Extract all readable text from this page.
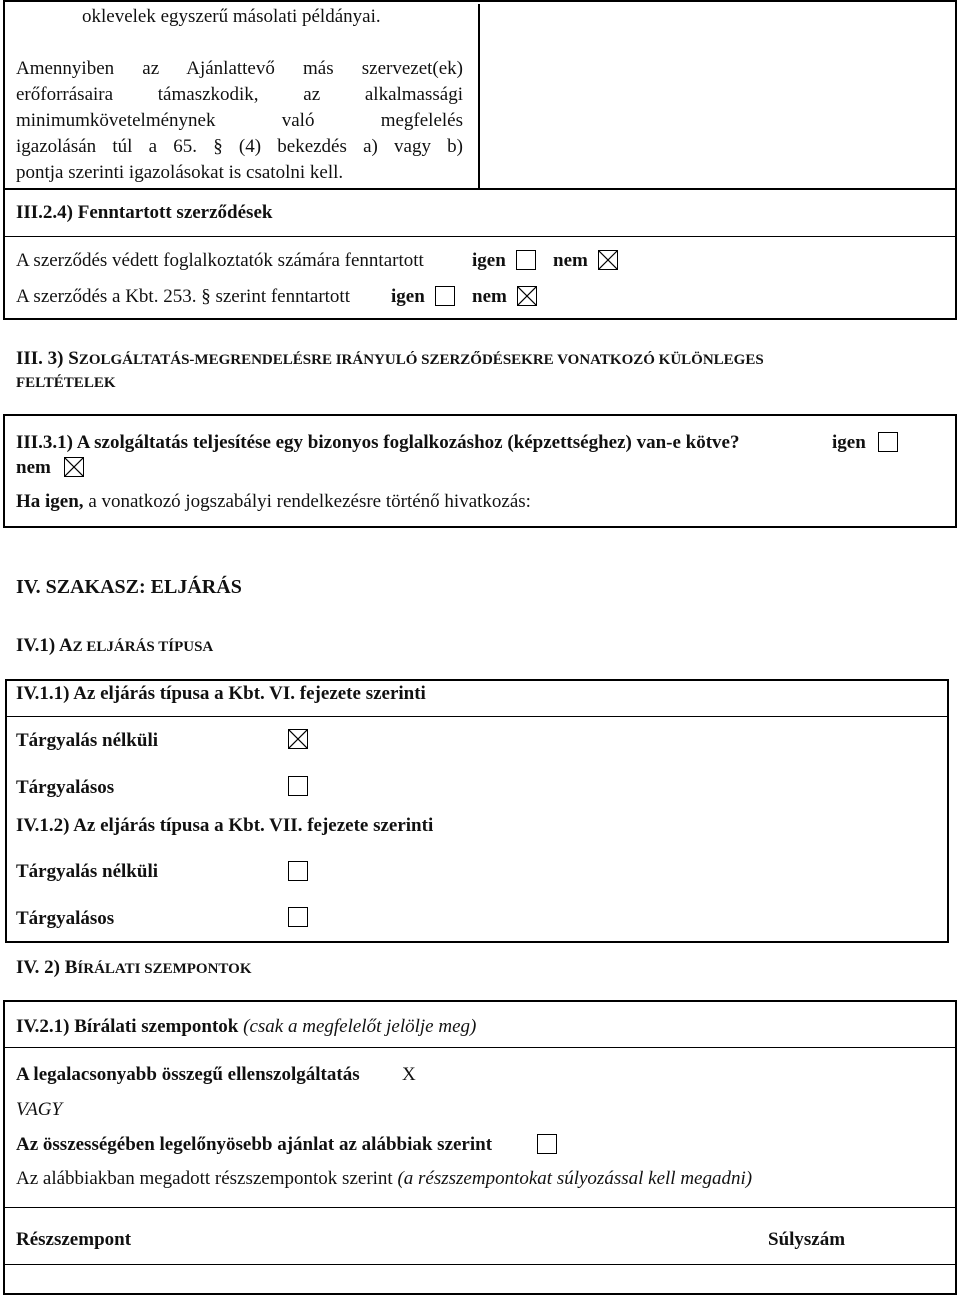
oklevelek egyszerű másolati példányai.
Amennyiben az Ajánlattevő más szervezet(ek)
erőforrásaira támaszkodik, az alkalmassági
minimumkövetelménynek való megfelelés
igazolásán túl a 65. § (4) bekezdés a) vagy b)
pontja szerinti igazolásokat is csatolni kell.
III.2.4) Fenntartott szerződések
A szerződés védett foglalkoztatók számára fenntartott	igen nem
A szerződés a Kbt. 253. § szerint fenntartott igen nem
III. 3) SZOLGÁLTATÁS-MEGRENDELÉSRE IRÁNYULÓ SZERZŐDÉSEKRE VONATKOZÓ KÜLÖNLEGES
FELTÉTELEK
III.3.1) A szolgáltatás teljesítése egy bizonyos foglalkozáshoz (képzettséghez) van-e kötve?	igen
nem
Ha igen, a vonatkozó jogszabályi rendelkezésre történő hivatkozás:
IV. SZAKASZ: ELJÁRÁS
IV.1) AZ ELJÁRÁS TÍPUSA
IV.1.1) Az eljárás típusa a Kbt. VI. fejezete szerinti
Tárgyalás nélküli
Tárgyalásos
IV.1.2) Az eljárás típusa a Kbt. VII. fejezete szerinti
Tárgyalás nélküli
Tárgyalásos
IV. 2) BÍRÁLATI SZEMPONTOK
IV.2.1) Bírálati szempontok (csak a megfelelőt jelölje meg)
A legalacsonyabb összegű ellenszolgáltatás X
VAGY
Az összességében legelőnyösebb ajánlat az alábbiak szerint
Az alábbiakban megadott részszempontok szerint (a részszempontokat súlyozással kell megadni)
Részszempont	Súlyszám
